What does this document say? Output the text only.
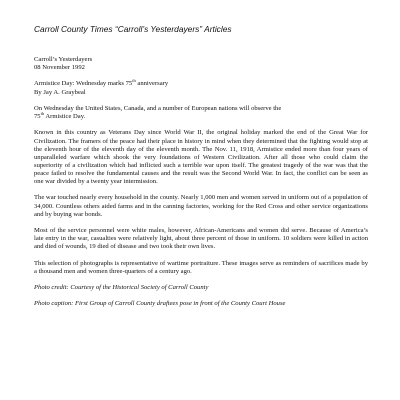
Carroll County Times “Carroll’s Yesterdayers” Articles

Carroll’s Yesterdayers
08 November 1992

Armistice Day: Wednesday marks 75th anniversary
By Jay A. Graybeal

On Wednesday the United States, Canada, and a number of European nations will observe the
75th Armistice Day.

Known in this country as Veterans Day since World War II, the original holiday marked the end of the Great War for Civilization. The framers of the peace had their place in history in mind when they determined that the fighting would stop at the eleventh hour of the eleventh day of the eleventh month. The Nov. 11, 1918, Armistice ended more than four years of unparalleled warfare which shook the very foundations of Western Civilization. After all those who could claim the superiority of a civilization which had inflicted such a terrible war upon itself. The greatest tragedy of the war was that the peace failed to resolve the fundamental causes and the result was the Second World War. In fact, the conflict can be seen as one war divided by a twenty year intermission.

The war touched nearly every household in the county. Nearly 1,000 men and women served in uniform out of a population of 34,000. Countless others aided farms and in the canning factories, working for the Red Cross and other service organizations and by buying war bonds.

Most of the service personnel were white males, however, African-Americans and women did serve. Because of America’s late entry in the war, casualties were relatively light, about three percent of those in uniform. 10 soldiers were killed in action and died of wounds, 19 died of disease and two took their own lives.

This selection of photographs is representative of wartime portraiture. These images serve as reminders of sacrifices made by a thousand men and women three-quarters of a century ago.

Photo credit: Courtesy of the Historical Society of Carroll County

Photo caption: First Group of Carroll County draftees pose in front of the County Court House
